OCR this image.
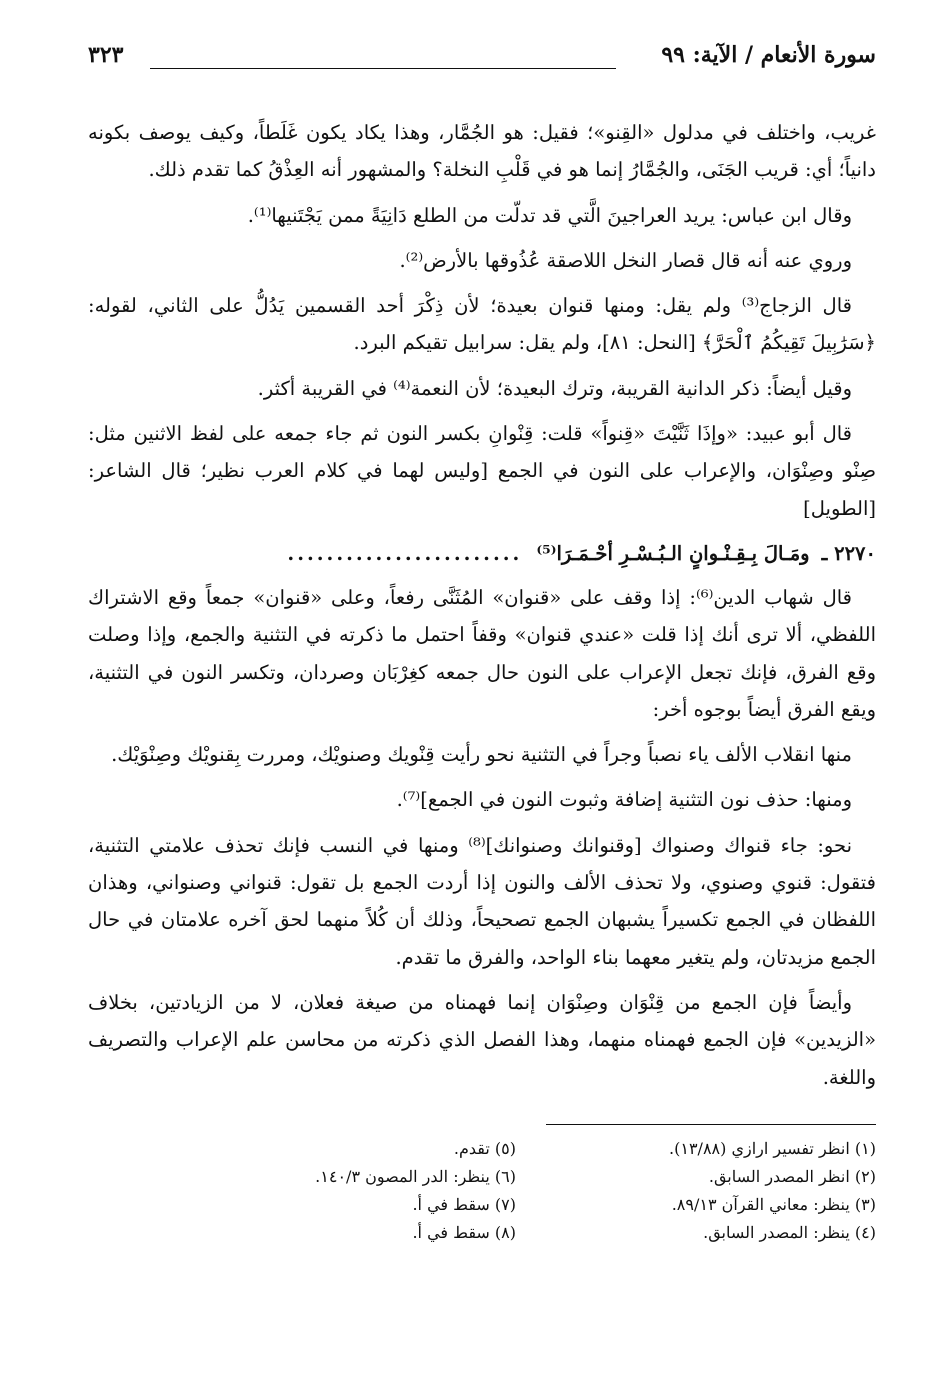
سورة الأنعام / الآية: ٩٩
٣٢٣

غريب، واختلف في مدلول «القِنو»؛ فقيل: هو الجُمَّار، وهذا يكاد يكون غَلَطاً، وكيف يوصف بكونه دانياً؛ أي: قريب الجَنَى، والجُمَّارُ إنما هو في قَلْبِ النخلة؟ والمشهور أنه العِذْقُ كما تقدم ذلك.

وقال ابن عباس: يريد العراجينَ الَّتي قد تدلّت من الطلع دَانِيَةً ممن يَجْتَنيها⁽¹⁾.

وروي عنه أنه قال قصار النخل اللاصقة عُذُوقها بالأرض⁽²⁾.

قال الزجاج⁽³⁾ ولم يقل: ومنها قنوان بعيدة؛ لأن ذِكْرَ أحد القسمين يَدُلُّ على الثاني، لقوله: ﴿سَرَٰبِيلَ تَقِيكُمُ ٱلْحَرَّ﴾ [النحل: ٨١]، ولم يقل: سرابيل تقيكم البرد.

وقيل أيضاً: ذكر الدانية القريبة، وترك البعيدة؛ لأن النعمة⁽⁴⁾ في القريبة أكثر.

قال أبو عبيد: «وإذَا ثَنَّيْتَ «قِنواً» قلت: قِنْوانِ بكسر النون ثم جاء جمعه على لفظ الاثنين مثل: صِنْو وصِنْوَان، والإعراب على النون في الجمع [وليس لهما في كلام العرب نظير؛ قال الشاعر: [الطويل]

٢٢٧٠ ـ
ومَـالَ بِـقِـنْـوانٍ الـبُـسْـرِ أحْـمَـرَا⁽⁵⁾
........................

قال شهاب الدين⁽⁶⁾: إذا وقف على «قنوان» المُثَنَّى رفعاً، وعلى «قنوان» جمعاً وقع الاشتراك اللفظي، ألا ترى أنك إذا قلت «عندي قنوان» وقفاً احتمل ما ذكرته في التثنية والجمع، وإذا وصلت وقع الفرق، فإنك تجعل الإعراب على النون حال جمعه كغِرْبَان وصردان، وتكسر النون في التثنية، ويقع الفرق أيضاً بوجوه أخر:

منها انقلاب الألف ياء نصباً وجراً في التثنية نحو رأيت قِنْويك وصنويْك، ومررت بِقنويْك وصِنْوَيْك.

ومنها: حذف نون التثنية إضافة وثبوت النون في الجمع]⁽⁷⁾.

نحو: جاء قنواك وصنواك [وقنوانك وصنوانك]⁽⁸⁾ ومنها في النسب فإنك تحذف علامتي التثنية، فتقول: قنوي وصنوي، ولا تحذف الألف والنون إذا أردت الجمع بل تقول: قنواني وصنواني، وهذان اللفظان في الجمع تكسيراً يشبهان الجمع تصحيحاً، وذلك أن كُلاً منهما لحق آخره علامتان في حال الجمع مزيدتان، ولم يتغير معهما بناء الواحد، والفرق ما تقدم.

وأيضاً فإن الجمع من قِنْوَان وصِنْوَان إنما فهمناه من صيغة فعلان، لا من الزيادتين، بخلاف «الزيدين» فإن الجمع فهمناه منهما، وهذا الفصل الذي ذكرته من محاسن علم الإعراب والتصريف واللغة.

(١) انظر تفسير ارازي (١٣/٨٨).
(٢) انظر المصدر السابق.
(٣) ينظر: معاني القرآن ٨٩/١٣.
(٤) ينظر: المصدر السابق.
(٥) تقدم.
(٦) ينظر: الدر المصون ١٤٠/٣.
(٧) سقط في أ.
(٨) سقط في أ.
